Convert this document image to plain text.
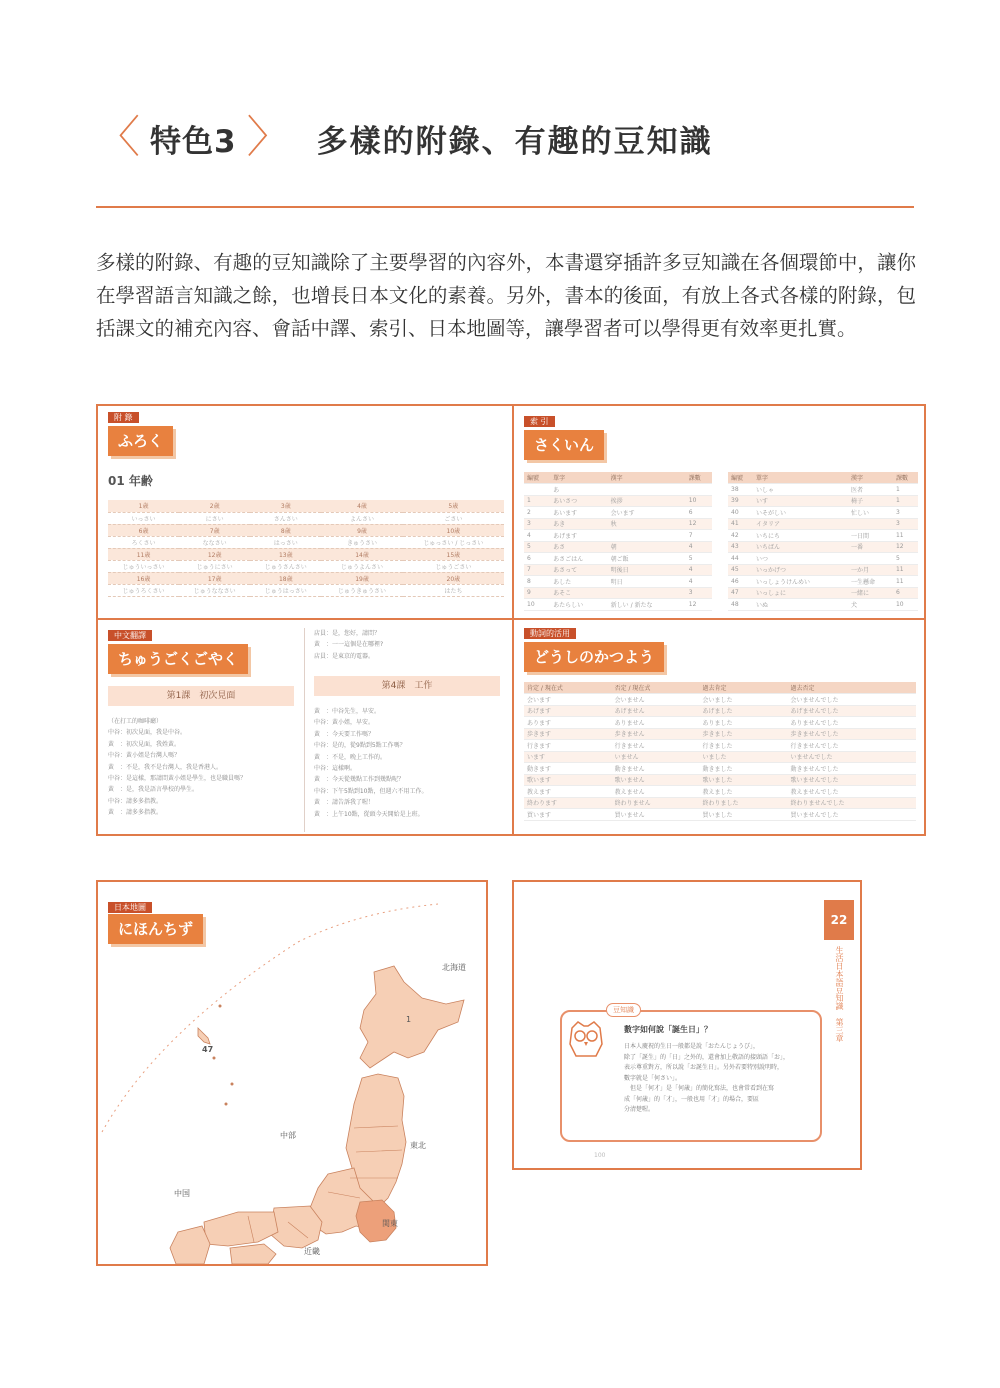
〈 特色3 〉 多樣的附錄、有趣的豆知識

多樣的附錄、有趣的豆知識除了主要學習的內容外，本書還穿插許多豆知識在各個環節中，讓你在學習語言知識之餘，也增長日本文化的素養。另外，書本的後面，有放上各式各樣的附錄，包括課文的補充內容、會話中譯、索引、日本地圖等，讓學習者可以學得更有效率更扎實。

附 錄
ふろく
01 年齢
1歳	2歳	3歳	4歳	5歳
いっさい	にさい	さんさい	よんさい	ごさい
6歳	7歳	8歳	9歳	10歳
ろくさい	ななさい	はっさい	きゅうさい	じゅっさい / じっさい
11歳	12歳	13歳	14歳	15歳
じゅういっさい	じゅうにさい	じゅうさんさい	じゅうよんさい	じゅうごさい
16歳	17歳	18歳	19歳	20歳
じゅうろくさい	じゅうななさい	じゅうはっさい	じゅうきゅうさい	はたち
索 引
さくいん
編號	單字	漢字	課數
	あ		
1	あいさつ	挨拶	10
2	あいます	会います	6
3	あき	秋	12
4	あげます		7
5	あさ	朝	4
6	あさごはん	朝ご飯	5
7	あさって	明後日	4
8	あした	明日	4
9	あそこ		3
10	あたらしい	新しい / 新たな	12
編號	單字	漢字	課數
38	いしゃ	医者	1
39	いす	椅子	1
40	いそがしい	忙しい	3
41	イタリア		3
42	いちにち	一日間	11
43	いちばん	一番	12
44	いつ		5
45	いっかげつ	一か月	11
46	いっしょうけんめい	一生懸命	11
47	いっしょに	一緒に	6
48	いぬ	犬	10
中文翻譯
ちゅうごくごやく
第1課　初次見面
（在打工的咖啡廳）
中谷：初次見面，我是中谷。
黃　：初次見面，我姓黃。
中谷：黃小姐是台灣人嗎？
黃　：不是，我不是台灣人，我是香港人。
中谷：是這樣，那請問黃小姐是學生，也是職員嗎？
黃　：是，我是語言學校的學生。
中谷：請多多指教。
黃　：請多多指教。
店員：是，您好，請問？
黃　：一一這個是在哪裡?
店員：是東京的電器。
第4課　工作
黃　：中谷先生，早安。
中谷：黃小姐，早安。
黃　：今天要工作嗎？
中谷：是的，從9點到5點工作嗎？
黃　：不是，晚上工作的。
中谷：這樣啊。
黃　：今天從幾點工作到幾點呢？
中谷：下午5點到10點，但週六不用工作。
黃　：請告訴我了喔！
黃　：上午10點，從頭今天開始是上班。
動詞的活用
どうしのかつよう
肯定 / 現在式	否定 / 現在式	過去肯定	過去否定
会います	会いません	会いました	会いませんでした
あげます	あげません	あげました	あげませんでした
あります	ありません	ありました	ありませんでした
歩きます	歩きません	歩きました	歩きませんでした
行きます	行きません	行きました	行きませんでした
います	いません	いました	いませんでした
動きます	動きません	動きました	動きませんでした
歌います	歌いません	歌いました	歌いませんでした
教えます	教えません	教えました	教えませんでした
終わります	終わりません	終わりました	終わりませんでした
買います	買いません	買いました	買いませんでした
日本地圖
にほんちず
北海道
東北
中部
関東
近畿
中国
1
47
22
生活日本語豆知識　第三章
豆知識
數字如何說「誕生日」？
日本人慶祝的生日一般都是說「おたんじょうび」，
除了「誕生」的「日」之外的，還會加上敬語的接頭語「お」，
表示尊重對方，所以說「お誕生日」。另外若要特別說明時，
數字就是「何さい」。
　但是「何才」是「何歳」的簡化寫法，也會常看到在寫
成「何歳」的「才」，一般也用「才」的場合，要區
分清楚喔。
100
